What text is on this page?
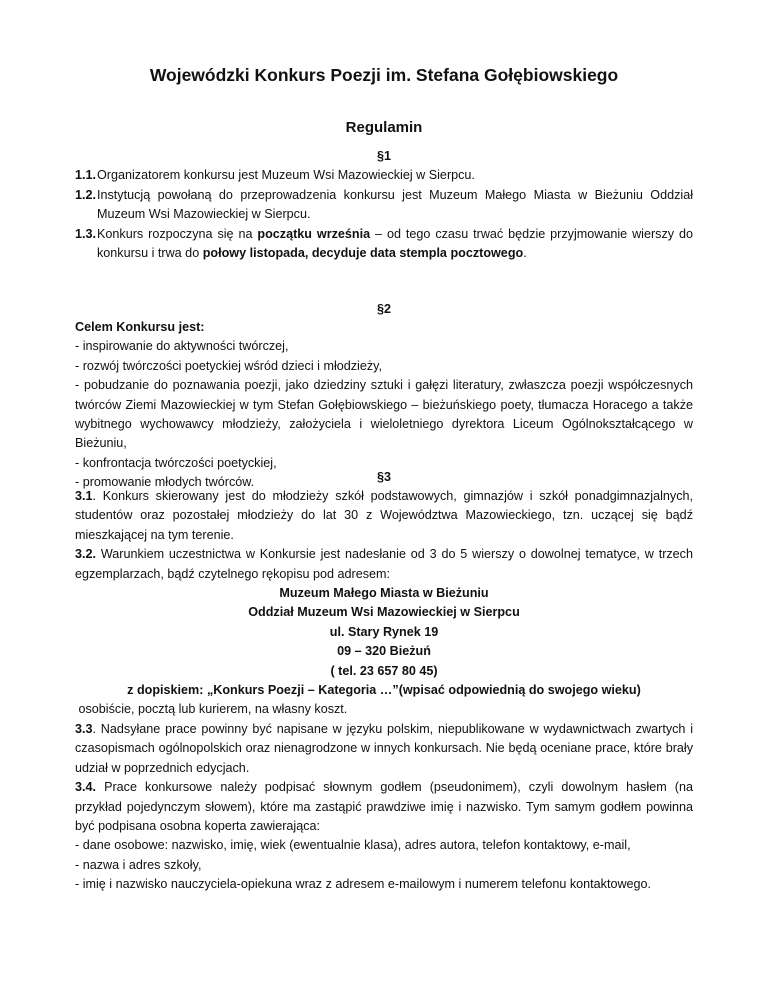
Wojewódzki Konkurs Poezji im. Stefana Gołębiowskiego
Regulamin

§1

1.1. Organizatorem konkursu jest Muzeum Wsi Mazowieckiej w Sierpcu.
1.2. Instytucją powołaną do przeprowadzenia konkursu jest Muzeum Małego Miasta w Bieżuniu Oddział Muzeum Wsi Mazowieckiej w Sierpcu.
1.3. Konkurs rozpoczyna się na początku września – od tego czasu trwać będzie przyjmowanie wierszy do konkursu i trwa do połowy listopada, decyduje data stempla pocztowego.

§2

Celem Konkursu jest:

- inspirowanie do aktywności twórczej,

- rozwój twórczości poetyckiej wśród dzieci i młodzieży,

- pobudzanie do poznawania poezji, jako dziedziny sztuki i gałęzi literatury, zwłaszcza poezji współczesnych twórców Ziemi Mazowieckiej w tym Stefan Gołębiowskiego – bieżuńskiego poety, tłumacza Horacego a także wybitnego wychowawcy młodzieży, założyciela i wieloletniego dyrektora Liceum Ogólnokształcącego w Bieżuniu,

- konfrontacja twórczości poetyckiej,

- promowanie młodych twórców.	§3

3.1. Konkurs skierowany jest do młodzieży szkół podstawowych, gimnazjów i szkół ponadgimnazjalnych, studentów oraz pozostałej młodzieży do lat 30 z Województwa Mazowieckiego, tzn. uczącej się bądź mieszkającej na tym terenie.

3.2. Warunkiem uczestnictwa w Konkursie jest nadesłanie od 3 do 5 wierszy o dowolnej tematyce, w trzech egzemplarzach, bądź czytelnego rękopisu pod adresem:

Muzeum Małego Miasta w Bieżuniu

Oddział Muzeum Wsi Mazowieckiej w Sierpcu

ul. Stary Rynek 19

09 – 320 Bieżuń

( tel. 23 657 80 45)

z dopiskiem: „Konkurs Poezji – Kategoria …”(wpisać odpowiednią do swojego wieku)

osobiście, pocztą lub kurierem, na własny koszt.

3.3. Nadsyłane prace powinny być napisane w języku polskim, niepublikowane w wydawnictwach zwartych i czasopismach ogólnopolskich oraz nienagrodzone w innych konkursach. Nie będą oceniane prace, które brały udział w poprzednich edycjach.

3.4. Prace konkursowe należy podpisać słownym godłem (pseudonimem), czyli dowolnym hasłem (na przykład pojedynczym słowem), które ma zastąpić prawdziwe imię i nazwisko. Tym samym godłem powinna być podpisana osobna koperta zawierająca:

- dane osobowe: nazwisko, imię, wiek (ewentualnie klasa), adres autora, telefon kontaktowy, e-mail,

- nazwa i adres szkoły,

- imię i nazwisko nauczyciela-opiekuna wraz z adresem e-mailowym i numerem telefonu kontaktowego.
